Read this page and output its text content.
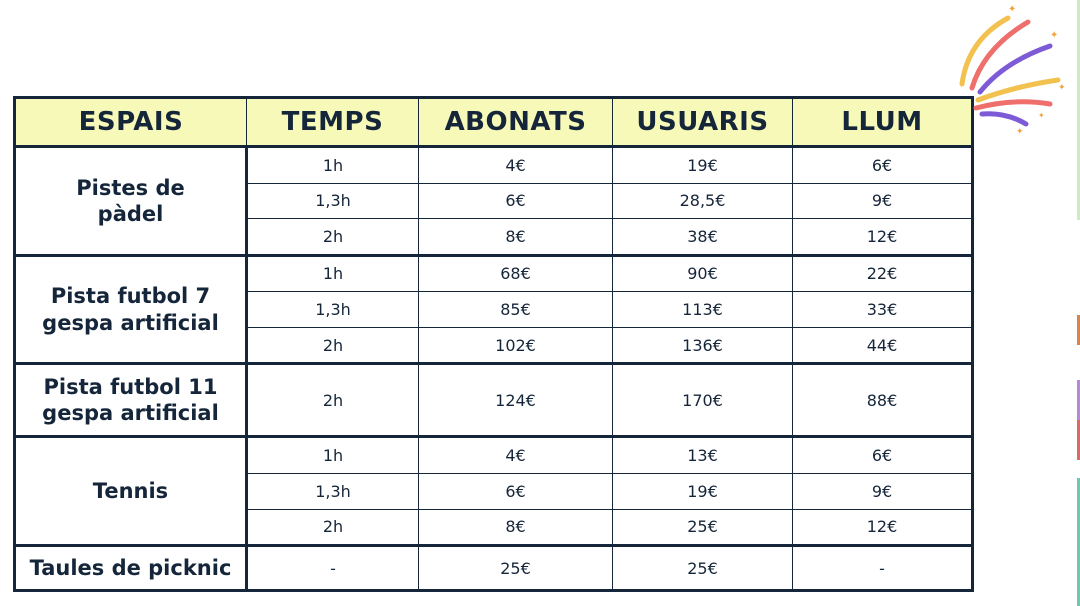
ESPAIS	TEMPS	ABONATS	USUARIS	LLUM
Pistes de
pàdel	1h	4€	19€	6€
	1,3h	6€	28,5€	9€
	2h	8€	38€	12€
Pista futbol 7
gespa artificial	1h	68€	90€	22€
	1,3h	85€	113€	33€
	2h	102€	136€	44€
Pista futbol 11
gespa artificial	2h	124€	170€	88€
Tennis	1h	4€	13€	6€
	1,3h	6€	19€	9€
	2h	8€	25€	12€
Taules de picknic	-	25€	25€	-
✦
✦
✦
✦
✦
